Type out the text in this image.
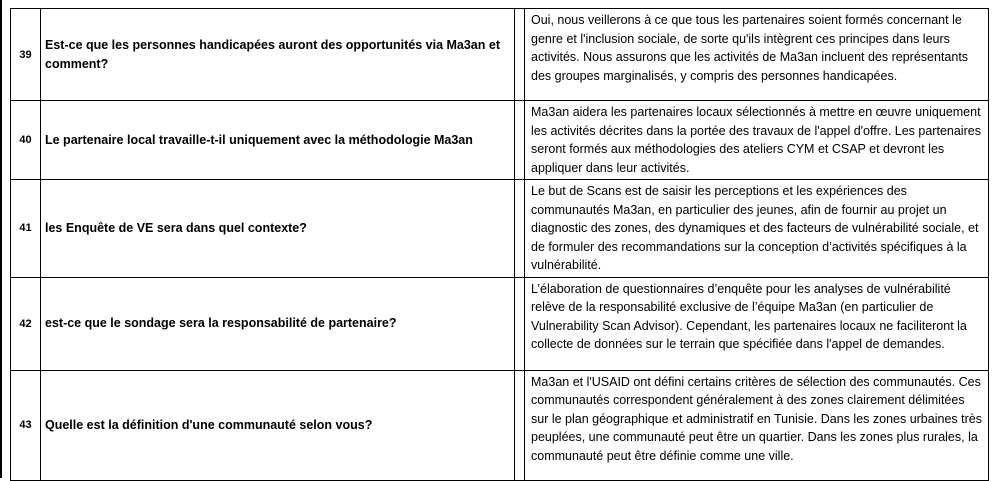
39	Est-ce que les personnes handicapées auront des opportunités via Ma3an et comment?		Oui, nous veillerons à ce que tous les partenaires soient formés concernant le genre et l'inclusion sociale, de sorte qu'ils intègrent ces principes dans leurs activités. Nous assurons que les activités de Ma3an incluent des représentants des groupes marginalisés, y compris des personnes handicapées.
40	Le partenaire local travaille-t-il uniquement avec la méthodologie Ma3an		Ma3an aidera les partenaires locaux sélectionnés à mettre en œuvre uniquement les activités décrites dans la portée des travaux de l'appel d'offre. Les partenaires seront formés aux méthodologies des ateliers CYM et CSAP et devront les appliquer dans leur activités.
41	les Enquête de VE sera dans quel contexte?		Le but de Scans est de saisir les perceptions et les expériences des communautés Ma3an, en particulier des jeunes, afin de fournir au projet un diagnostic des zones, des dynamiques et des facteurs de vulnérabilité sociale, et de formuler des recommandations sur la conception d’activités spécifiques à la vulnérabilité.
42	est-ce que le sondage sera la responsabilité de partenaire?		L’élaboration de questionnaires d’enquête pour les analyses de vulnérabilité relève de la responsabilité exclusive de l’équipe Ma3an (en particulier de Vulnerability Scan Advisor). Cependant, les partenaires locaux ne faciliteront la collecte de données sur le terrain que spécifiée dans l'appel de demandes.
43	Quelle est la définition d'une communauté selon vous?		Ma3an et l'USAID ont défini certains critères de sélection des communautés. Ces communautés correspondent généralement à des zones clairement délimitées sur le plan géographique et administratif en Tunisie. Dans les zones urbaines très peuplées, une communauté peut être un quartier. Dans les zones plus rurales, la communauté peut être définie comme une ville.
